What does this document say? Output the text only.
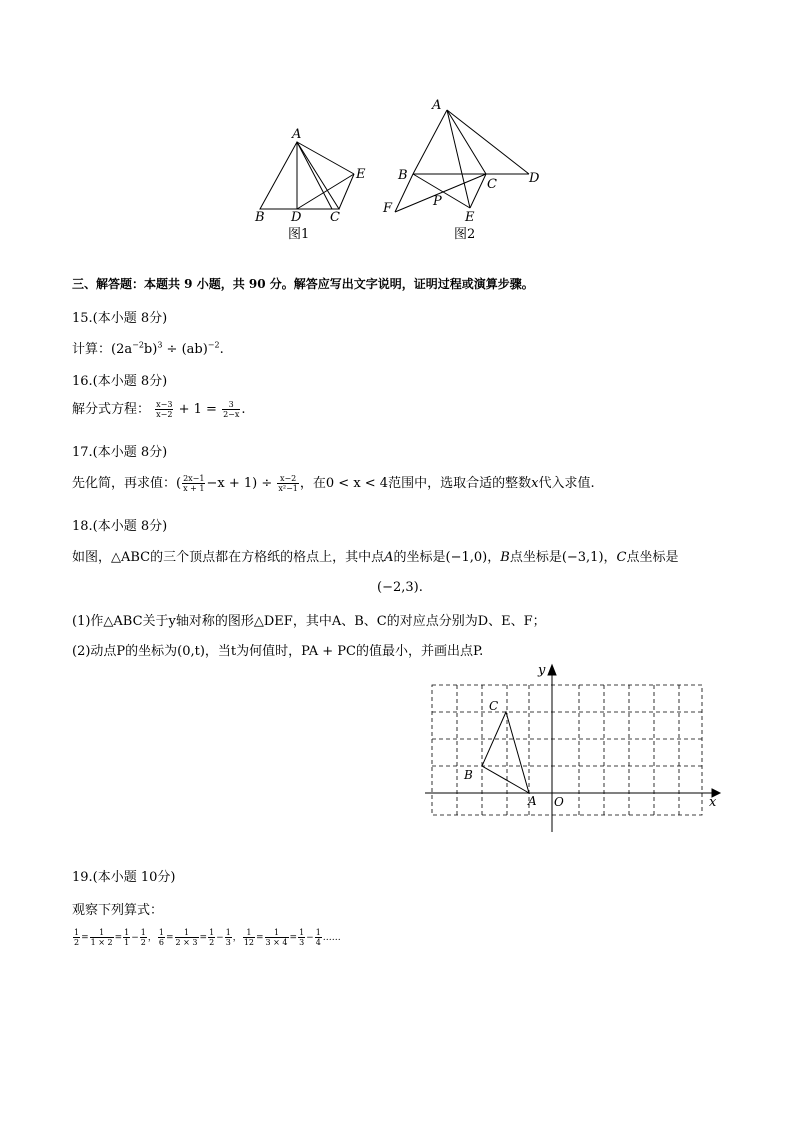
A
B D C
E
图1
A
B
C D
P
E
F
图2
三、解答题：本题共 9 小题，共 90 分。解答应写出文字说明，证明过程或演算步骤。
15.(本小题 8分)
计算：$(2a^{-2}b)^3 \div (ab)^{-2}$.
16.(本小题 8分)
解分式方程： $\frac{x-3}{x-2} + 1 = \frac{3}{2-x}$ .
17.(本小题 8分)
先化简，再求值：( $\frac{2x-1}{x + 1} -x + 1) \div \frac{x-2}{\text{x²−1}}$ ，在0 < x < 4范围中，选取合适的整数x代入求值.
18.(本小题 8分)
如图，△ABC的三个顶点都在方格纸的格点上，其中点A的坐标是(−1,0)，B点坐标是(−3,1)，C点坐标是
(−2,3).
(1)作△ABC关于y轴对称的图形△DEF，其中A、B、C的对应点分别为D、E、F；
(2)动点P的坐标为(0,t)，当t为何值时，PA + PC的值最小，并画出点P.
y
x
O
A
B
C
19.(本小题 10分)
观察下列算式：
$\frac{1}{2} = \frac{1}{1 \times 2} = \frac{1}{1} - \frac{1}{2}$ ， $\frac{1}{6} = \frac{1}{2 \times 3} = \frac{1}{2} - \frac{1}{3}$ ， $\frac{1}{12} = \frac{1}{3 \times 4} = \frac{1}{3} - \frac{1}{4}$ ……
